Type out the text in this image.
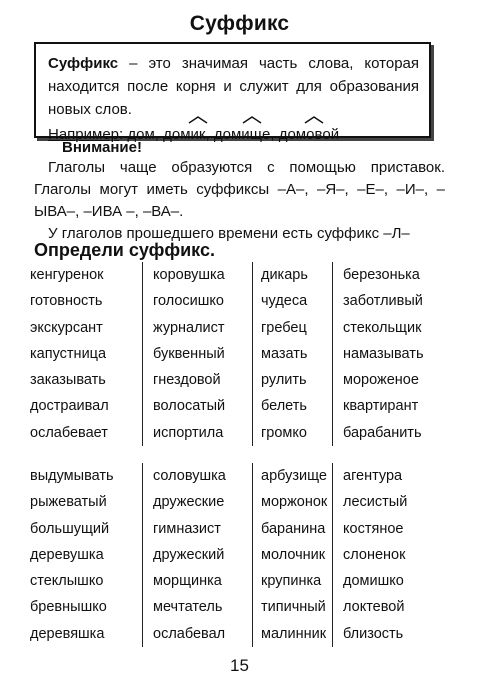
Суффикс
Суффикс – это значимая часть слова, которая находится после корня и служит для образования новых слов.
Например: дом, домик
, домищ
е, домов
ой
Внимание!

Глаголы чаще образуются с помощью приставок. Глаголы могут иметь суффиксы –А–, –Я–, –Е–, –И–, –ЫВА–, –ИВА –, –ВА–.

У глаголов прошедшего времени есть суффикс –Л–

Определи суффикс.
кенгуренок
готовность
экскурсант
капустница
заказывать
достраивал
ослабевает
коровушка
голосишко
журналист
буквенный
гнездовой
волосатый
испортила
дикарь
чудеса
гребец
мазать
рулить
белеть
громко
березонька
заботливый
стекольщик
намазывать
мороженое
квартирант
барабанить
выдумывать
рыжеватый
большущий
деревушка
стеклышко
бревнышко
деревяшка
соловушка
дружеские
гимназист
дружеский
морщинка
мечтатель
ослабевал
арбузище
моржонок
баранина
молочник
крупинка
типичный
малинник
агентура
лесистый
костяное
слоненок
домишко
локтевой
близость
15
